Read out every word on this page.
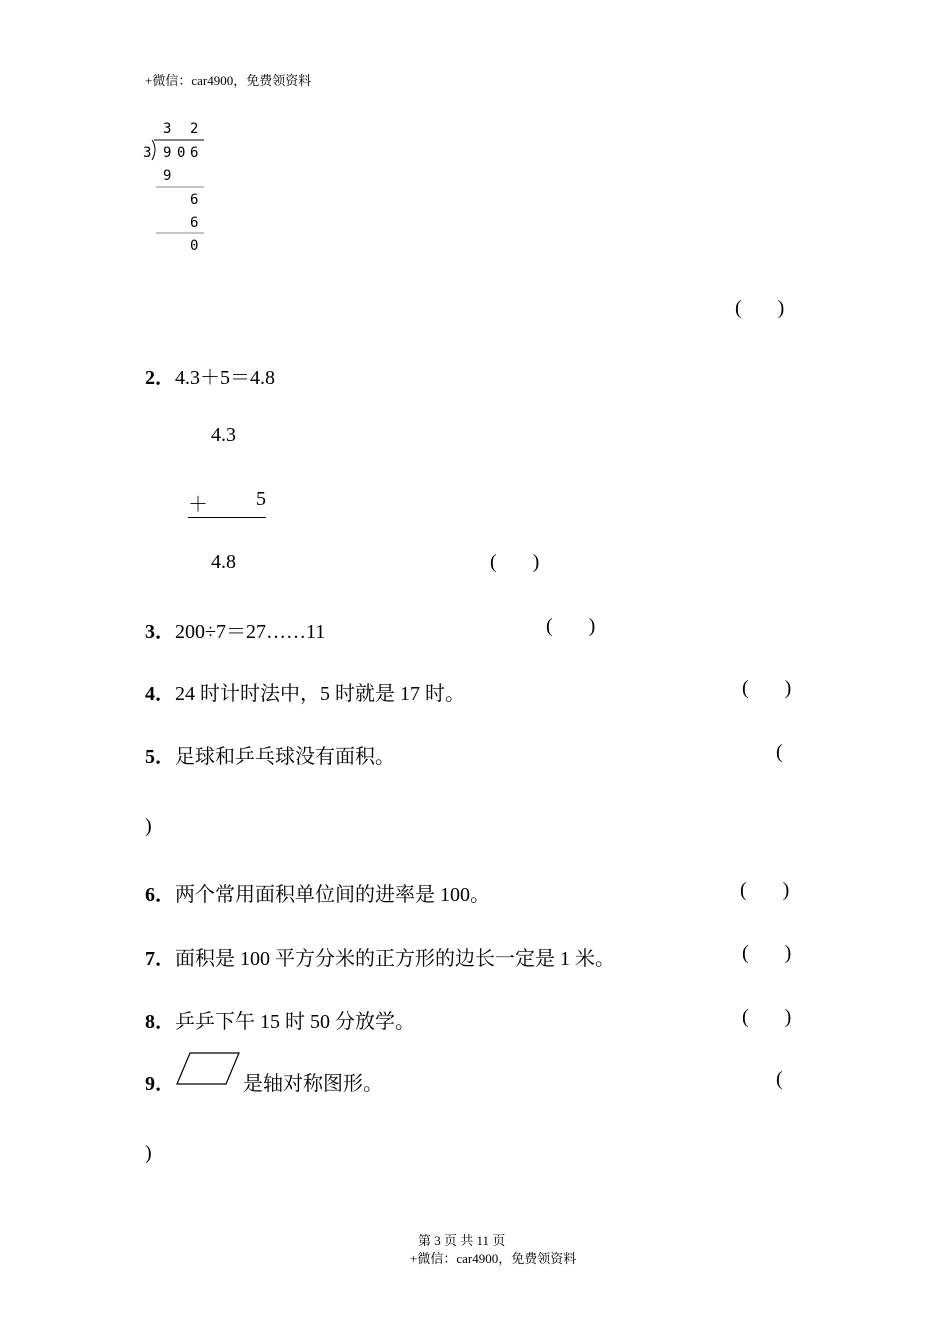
+微信：car4900，免费领资料
3 2
3 9 0 6
9
6
6
0
( )
2．4.3＋5＝4.8
4.3
＋ 5
4.8	( )
3．200÷7＝27……11	( )
4．24 时计时法中，5 时就是 17 时。	( )
5．足球和乒乓球没有面积。	(
)
6．两个常用面积单位间的进率是 100。	( )
7．面积是 100 平方分米的正方形的边长一定是 1 米。	( )
8．乒乒下午 15 时 50 分放学。	( )
9．	是轴对称图形。	(
)
第 3 页 共 11 页
+微信：car4900，免费领资料
